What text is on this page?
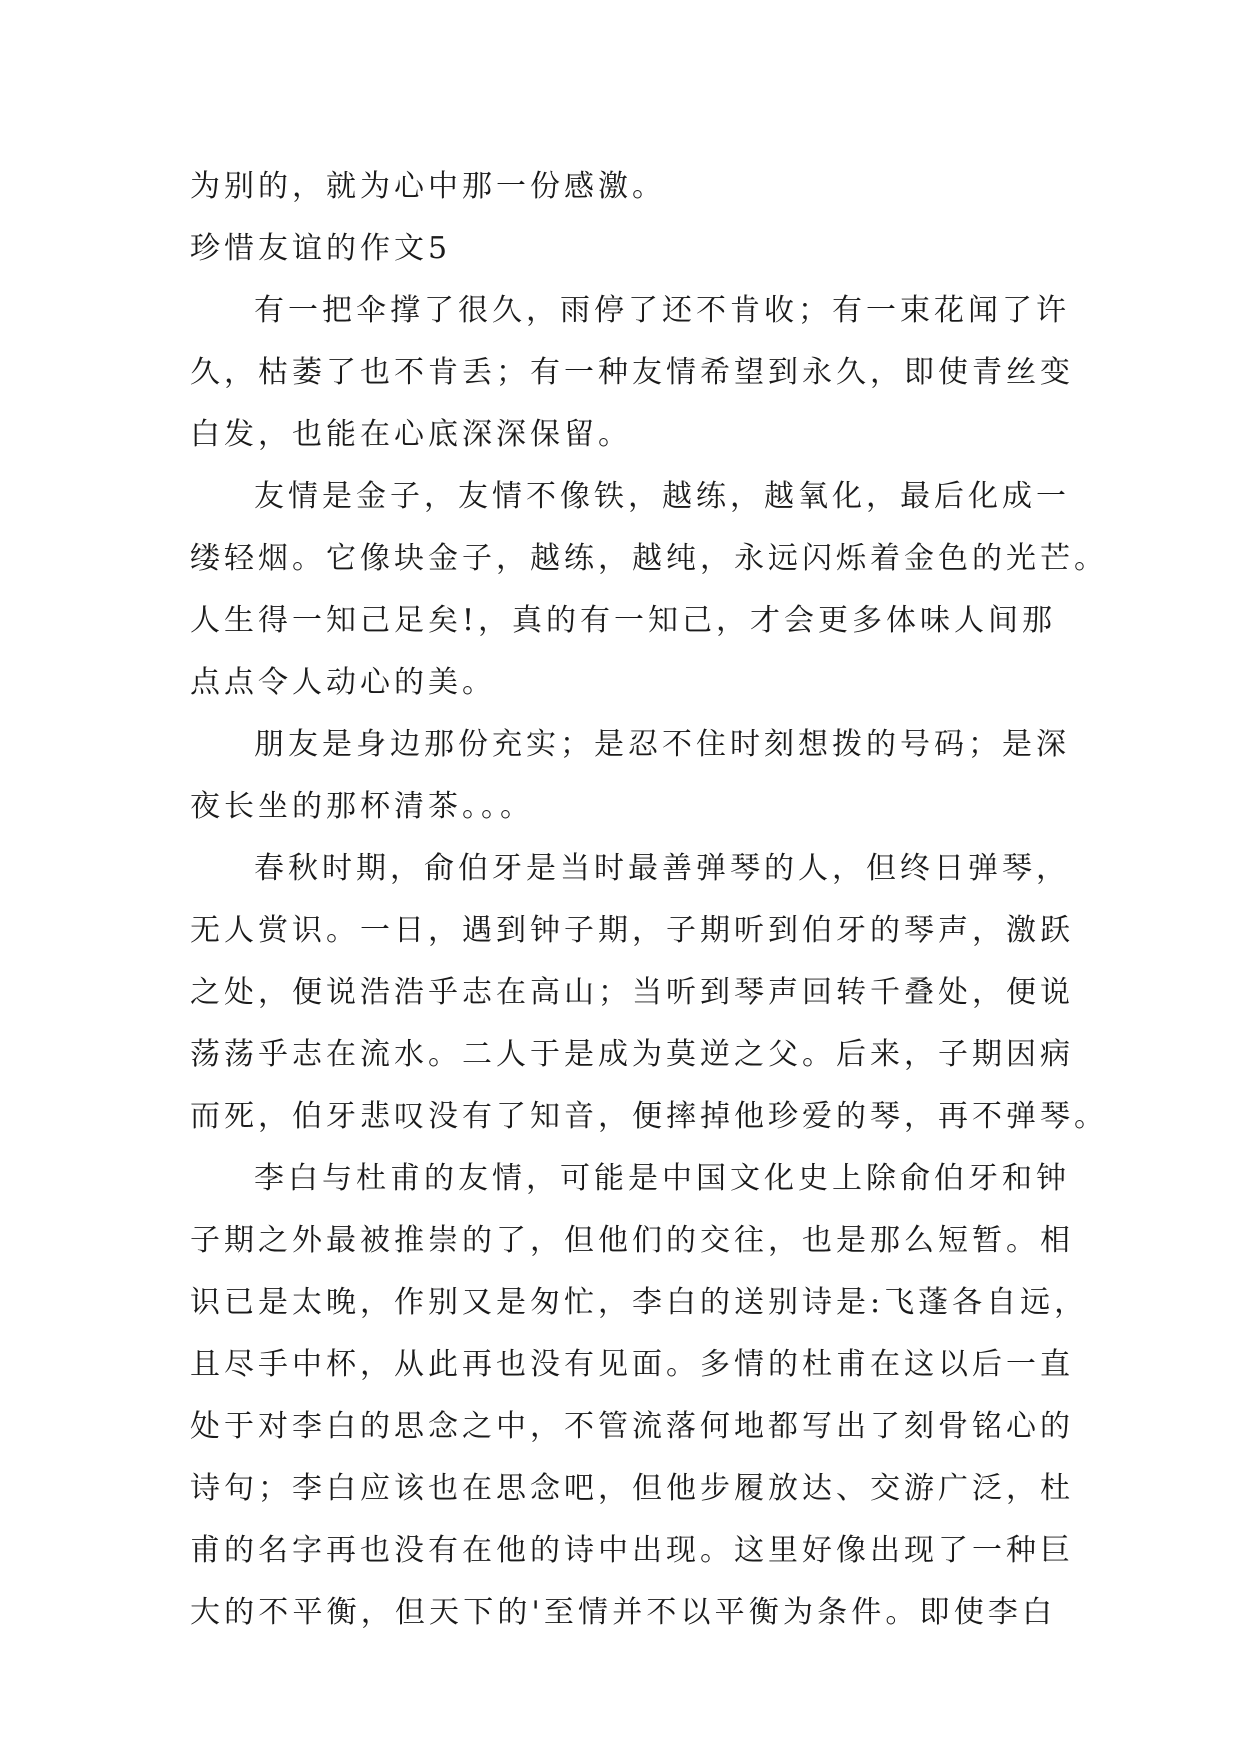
为别的，就为心中那一份感激。
珍惜友谊的作文5
有一把伞撑了很久，雨停了还不肯收；有一束花闻了许
久，枯萎了也不肯丢；有一种友情希望到永久，即使青丝变
白发，也能在心底深深保留。
友情是金子，友情不像铁，越练，越氧化，最后化成一
缕轻烟。它像块金子，越练，越纯，永远闪烁着金色的光芒。
人生得一知己足矣!，真的有一知己，才会更多体味人间那
点点令人动心的美。
朋友是身边那份充实；是忍不住时刻想拨的号码；是深
夜长坐的那杯清茶。。。
春秋时期，俞伯牙是当时最善弹琴的人，但终日弹琴，
无人赏识。一日，遇到钟子期，子期听到伯牙的琴声，激跃
之处，便说浩浩乎志在高山；当听到琴声回转千叠处，便说
荡荡乎志在流水。二人于是成为莫逆之父。后来，子期因病
而死，伯牙悲叹没有了知音，便摔掉他珍爱的琴，再不弹琴。
李白与杜甫的友情，可能是中国文化史上除俞伯牙和钟
子期之外最被推崇的了，但他们的交往，也是那么短暂。相
识已是太晚，作别又是匆忙，李白的送别诗是:飞蓬各自远，
且尽手中杯，从此再也没有见面。多情的杜甫在这以后一直
处于对李白的思念之中，不管流落何地都写出了刻骨铭心的
诗句；李白应该也在思念吧，但他步履放达、交游广泛，杜
甫的名字再也没有在他的诗中出现。这里好像出现了一种巨
大的不平衡，但天下的'至情并不以平衡为条件。即使李白
